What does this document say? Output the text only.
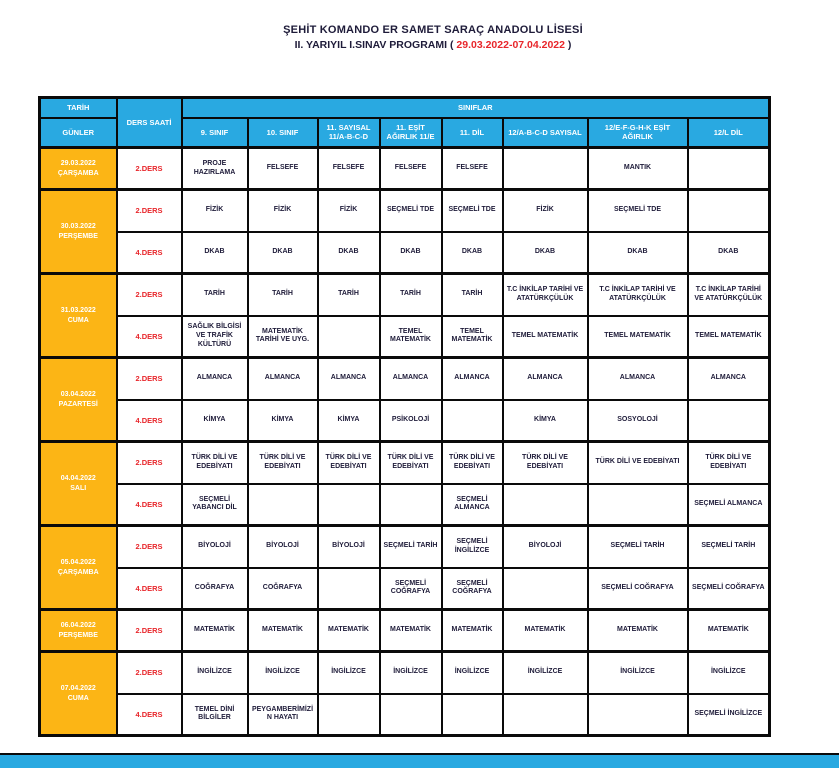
ŞEHİT KOMANDO ER SAMET SARAÇ ANADOLU LİSESİ
II. YARIYIL I.SINAV PROGRAMI ( 29.03.2022-07.04.2022 )
TARİH	DERS SAATİ	SINIFLAR							
GÜNLER		9. SINIF	10. SINIF	11. SAYISAL 11/A-B-C-D	11. EŞİT AĞIRLIK 11/E	11. DİL	12/A-B-C-D SAYISAL	12/E-F-G-H-K EŞİT AĞIRLIK	12/L DİL

29.03.2022
ÇARŞAMBA	2.DERS	PROJE HAZIRLAMA	FELSEFE	FELSEFE	FELSEFE	FELSEFE		MANTIK	

30.03.2022
PERŞEMBE	2.DERS	FİZİK	FİZİK	FİZİK	SEÇMELİ TDE	SEÇMELİ TDE	FİZİK	SEÇMELİ TDE	
	4.DERS	DKAB	DKAB	DKAB	DKAB	DKAB	DKAB	DKAB	DKAB

31.03.2022
CUMA	2.DERS	TARİH	TARİH	TARİH	TARİH	TARİH	T.C İNKİLAP TARİHİ VE ATATÜRKÇÜLÜK	T.C İNKİLAP TARİHİ VE ATATÜRKÇÜLÜK	T.C İNKİLAP TARİHİ VE ATATÜRKÇÜLÜK
	4.DERS	SAĞLIK BİLGİSİ VE TRAFİK KÜLTÜRÜ	MATEMATİK TARİHİ VE UYG.		TEMEL MATEMATİK	TEMEL MATEMATİK	TEMEL MATEMATİK	TEMEL MATEMATİK	TEMEL MATEMATİK

03.04.2022
PAZARTESİ	2.DERS	ALMANCA	ALMANCA	ALMANCA	ALMANCA	ALMANCA	ALMANCA	ALMANCA	ALMANCA
	4.DERS	KİMYA	KİMYA	KİMYA	PSİKOLOJİ		KİMYA	SOSYOLOJİ	

04.04.2022
SALI	2.DERS	TÜRK DİLİ VE EDEBİYATI	TÜRK DİLİ VE EDEBİYATI	TÜRK DİLİ VE EDEBİYATI	TÜRK DİLİ VE EDEBİYATI	TÜRK DİLİ VE EDEBİYATI	TÜRK DİLİ VE EDEBİYATI	TÜRK DİLİ VE EDEBİYATI	TÜRK DİLİ VE EDEBİYATI
	4.DERS	SEÇMELİ YABANCI DİL				SEÇMELİ ALMANCA			SEÇMELİ ALMANCA

05.04.2022
ÇARŞAMBA	2.DERS	BİYOLOJİ	BİYOLOJİ	BİYOLOJİ	SEÇMELİ TARİH	SEÇMELİ İNGİLİZCE	BİYOLOJİ	SEÇMELİ TARİH	SEÇMELİ TARİH
	4.DERS	COĞRAFYA	COĞRAFYA		SEÇMELİ COĞRAFYA	SEÇMELİ COĞRAFYA		SEÇMELİ COĞRAFYA	SEÇMELİ COĞRAFYA

06.04.2022
PERŞEMBE	2.DERS	MATEMATİK	MATEMATİK	MATEMATİK	MATEMATİK	MATEMATİK	MATEMATİK	MATEMATİK	MATEMATİK

07.04.2022
CUMA	2.DERS	İNGİLİZCE	İNGİLİZCE	İNGİLİZCE	İNGİLİZCE	İNGİLİZCE	İNGİLİZCE	İNGİLİZCE	İNGİLİZCE
	4.DERS	TEMEL DİNİ BİLGİLER	PEYGAMBERİMİZİN HAYATI						SEÇMELİ İNGİLİZCE
